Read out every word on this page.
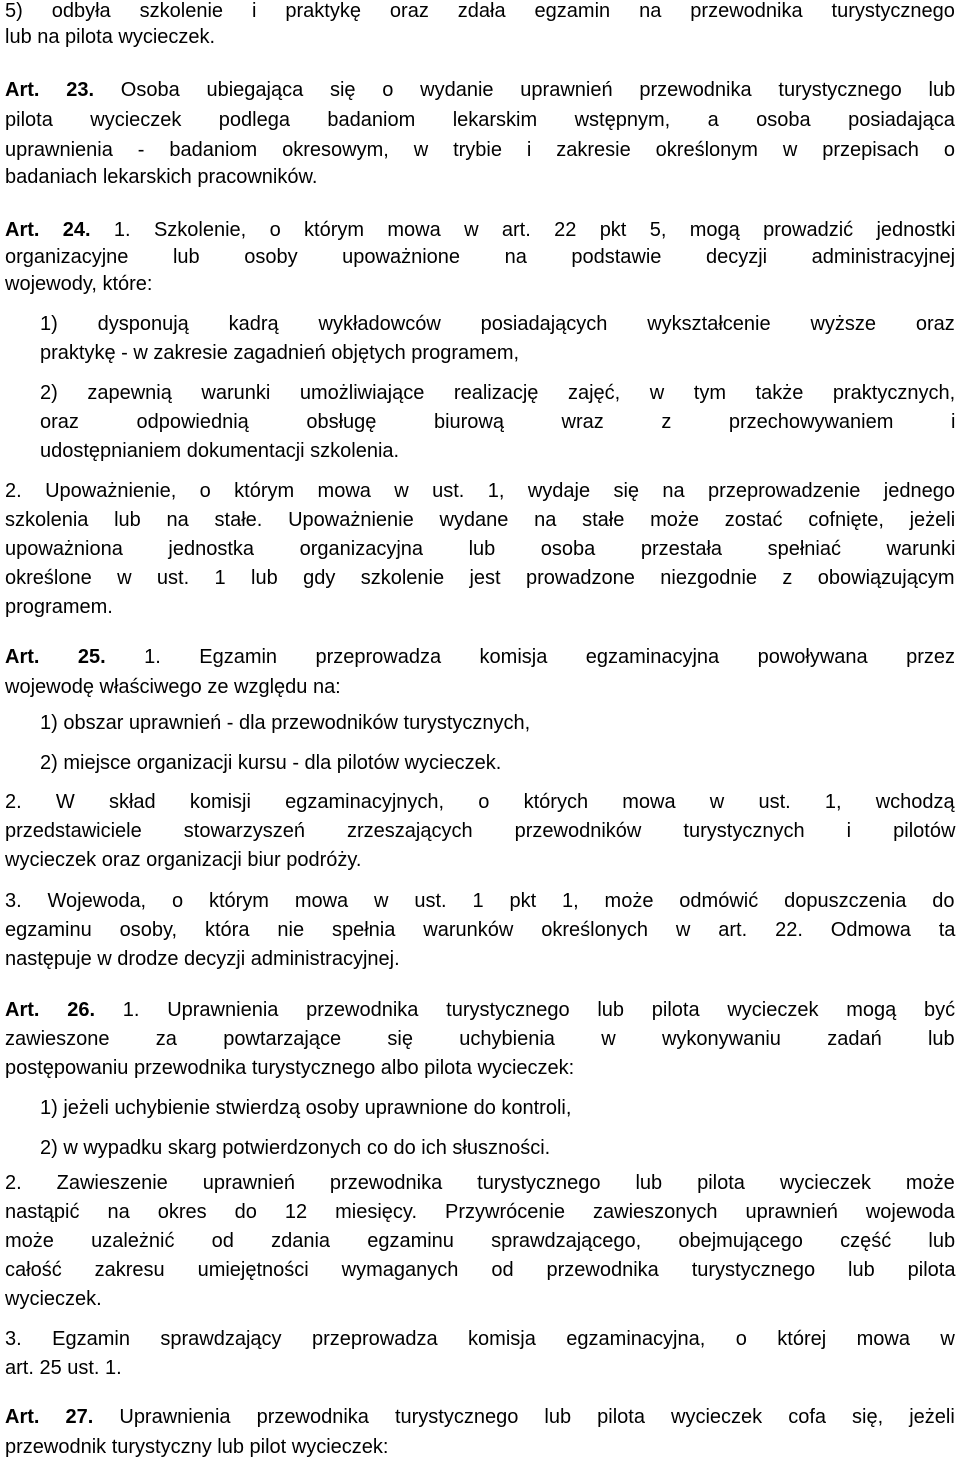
5) odbyła szkolenie i praktykę oraz zdała egzamin na przewodnika turystycznego

lub na pilota wycieczek.

Art. 23. Osoba ubiegająca się o wydanie uprawnień przewodnika turystycznego lub

pilota wycieczek podlega badaniom lekarskim wstępnym, a osoba posiadająca

uprawnienia - badaniom okresowym, w trybie i zakresie określonym w przepisach o

badaniach lekarskich pracowników.

Art. 24. 1. Szkolenie, o którym mowa w art. 22 pkt 5, mogą prowadzić jednostki

organizacyjne lub osoby upoważnione na podstawie decyzji administracyjnej

wojewody, które:

1) dysponują kadrą wykładowców posiadających wykształcenie wyższe oraz

praktykę - w zakresie zagadnień objętych programem,

2) zapewnią warunki umożliwiające realizację zajęć, w tym także praktycznych,

oraz odpowiednią obsługę biurową wraz z przechowywaniem i

udostępnianiem dokumentacji szkolenia.

2. Upoważnienie, o którym mowa w ust. 1, wydaje się na przeprowadzenie jednego

szkolenia lub na stałe. Upoważnienie wydane na stałe może zostać cofnięte, jeżeli

upoważniona jednostka organizacyjna lub osoba przestała spełniać warunki

określone w ust. 1 lub gdy szkolenie jest prowadzone niezgodnie z obowiązującym

programem.

Art. 25. 1. Egzamin przeprowadza komisja egzaminacyjna powoływana przez

wojewodę właściwego ze względu na:

1) obszar uprawnień - dla przewodników turystycznych,

2) miejsce organizacji kursu - dla pilotów wycieczek.

2. W skład komisji egzaminacyjnych, o których mowa w ust. 1, wchodzą

przedstawiciele stowarzyszeń zrzeszających przewodników turystycznych i pilotów

wycieczek oraz organizacji biur podróży.

3. Wojewoda, o którym mowa w ust. 1 pkt 1, może odmówić dopuszczenia do

egzaminu osoby, która nie spełnia warunków określonych w art. 22. Odmowa ta

następuje w drodze decyzji administracyjnej.

Art. 26. 1. Uprawnienia przewodnika turystycznego lub pilota wycieczek mogą być

zawieszone za powtarzające się uchybienia w wykonywaniu zadań lub

postępowaniu przewodnika turystycznego albo pilota wycieczek:

1) jeżeli uchybienie stwierdzą osoby uprawnione do kontroli,

2) w wypadku skarg potwierdzonych co do ich słuszności.

2. Zawieszenie uprawnień przewodnika turystycznego lub pilota wycieczek może

nastąpić na okres do 12 miesięcy. Przywrócenie zawieszonych uprawnień wojewoda

może uzależnić od zdania egzaminu sprawdzającego, obejmującego część lub

całość zakresu umiejętności wymaganych od przewodnika turystycznego lub pilota

wycieczek.

3. Egzamin sprawdzający przeprowadza komisja egzaminacyjna, o której mowa w

art. 25 ust. 1.

Art. 27. Uprawnienia przewodnika turystycznego lub pilota wycieczek cofa się, jeżeli

przewodnik turystyczny lub pilot wycieczek:
